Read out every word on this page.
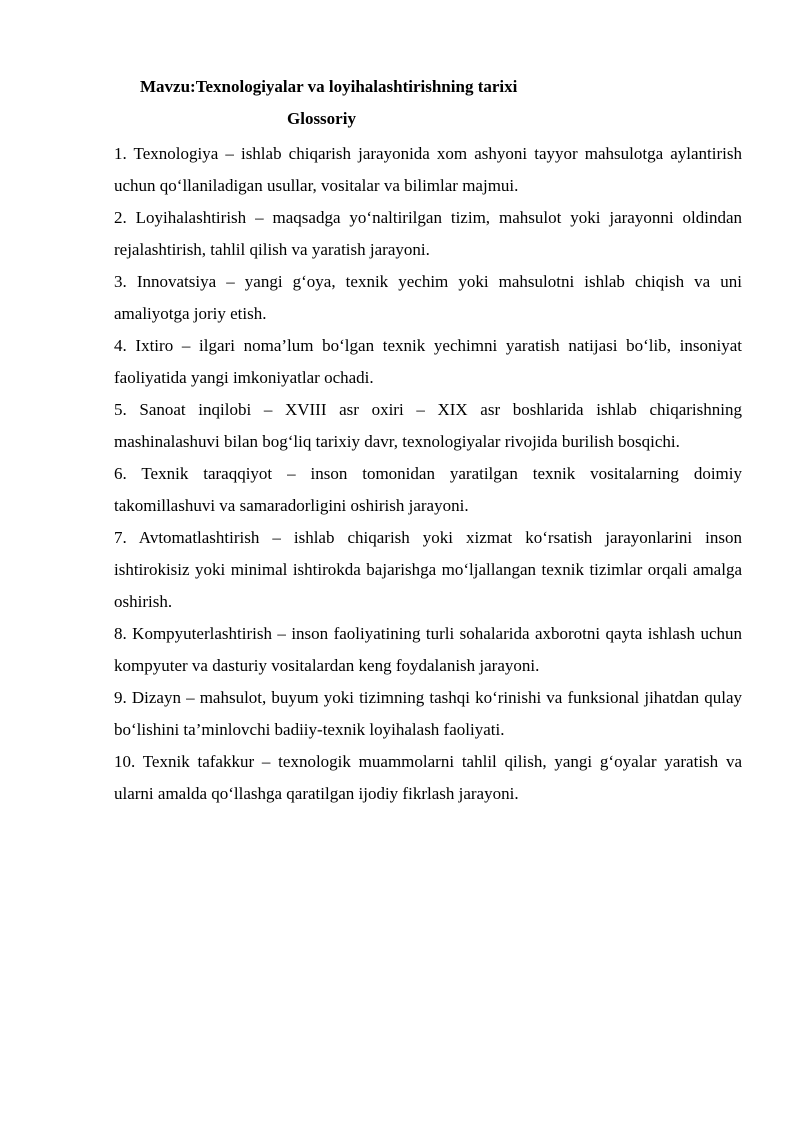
Mavzu:Texnologiyalar va loyihalashtirishning tarixi
Glossoriy

1. Texnologiya – ishlab chiqarish jarayonida xom ashyoni tayyor mahsulotga aylantirish uchun qo‘llaniladigan usullar, vositalar va bilimlar majmui.

2. Loyihalashtirish – maqsadga yo‘naltirilgan tizim, mahsulot yoki jarayonni oldindan rejalashtirish, tahlil qilish va yaratish jarayoni.

3. Innovatsiya – yangi g‘oya, texnik yechim yoki mahsulotni ishlab chiqish va uni amaliyotga joriy etish.

4. Ixtiro – ilgari noma’lum bo‘lgan texnik yechimni yaratish natijasi bo‘lib, insoniyat faoliyatida yangi imkoniyatlar ochadi.

5. Sanoat inqilobi – XVIII asr oxiri – XIX asr boshlarida ishlab chiqarishning mashinalashuvi bilan bog‘liq tarixiy davr, texnologiyalar rivojida burilish bosqichi.

6. Texnik taraqqiyot – inson tomonidan yaratilgan texnik vositalarning doimiy takomillashuvi va samaradorligini oshirish jarayoni.

7. Avtomatlashtirish – ishlab chiqarish yoki xizmat ko‘rsatish jarayonlarini inson ishtirokisiz yoki minimal ishtirokda bajarishga mo‘ljallangan texnik tizimlar orqali amalga oshirish.

8. Kompyuterlashtirish – inson faoliyatining turli sohalarida axborotni qayta ishlash uchun kompyuter va dasturiy vositalardan keng foydalanish jarayoni.

9. Dizayn – mahsulot, buyum yoki tizimning tashqi ko‘rinishi va funksional jihatdan qulay bo‘lishini ta’minlovchi badiiy-texnik loyihalash faoliyati.

10. Texnik tafakkur – texnologik muammolarni tahlil qilish, yangi g‘oyalar yaratish va ularni amalda qo‘llashga qaratilgan ijodiy fikrlash jarayoni.
